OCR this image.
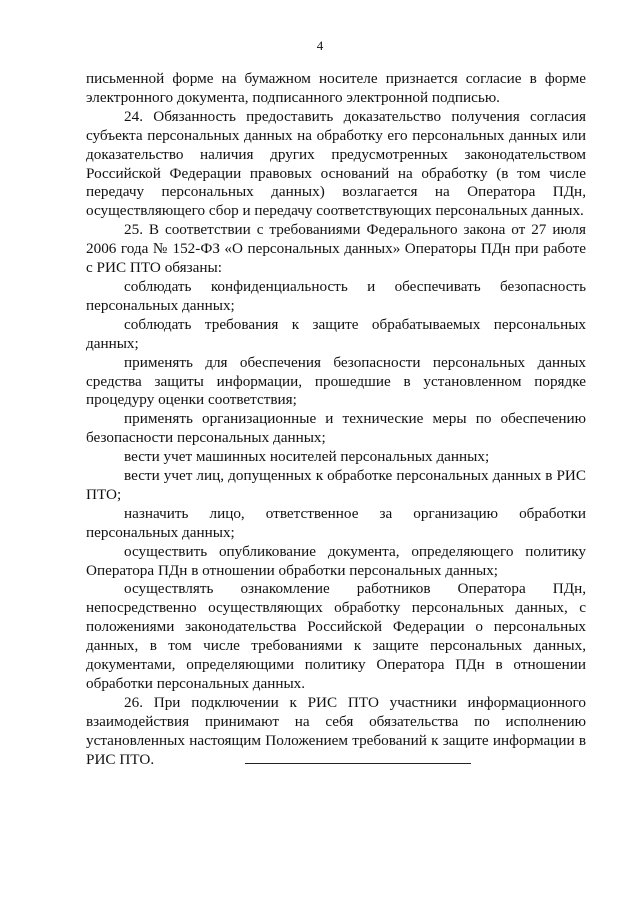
4

письменной форме на бумажном носителе признается согласие в форме электронного документа, подписанного электронной подписью.

24. Обязанность предоставить доказательство получения согласия субъекта персональных данных на обработку его персональных данных или доказательство наличия других предусмотренных законодательством Российской Федерации правовых оснований на обработку (в том числе передачу персональных данных) возлагается на Оператора ПДн, осуществляющего сбор и передачу соответствующих персональных данных.

25. В соответствии с требованиями Федерального закона от 27 июля 2006 года № 152-ФЗ «О персональных данных» Операторы ПДн при работе с РИС ПТО обязаны:

соблюдать конфиденциальность и обеспечивать безопасность персональных данных;

соблюдать требования к защите обрабатываемых персональных данных;

применять для обеспечения безопасности персональных данных средства защиты информации, прошедшие в установленном порядке процедуру оценки соответствия;

применять организационные и технические меры по обеспечению безопасности персональных данных;

вести учет машинных носителей персональных данных;

вести учет лиц, допущенных к обработке персональных данных в РИС ПТО;

назначить лицо, ответственное за организацию обработки персональных данных;

осуществить опубликование документа, определяющего политику Оператора ПДн в отношении обработки персональных данных;

осуществлять ознакомление работников Оператора ПДн, непосредственно осуществляющих обработку персональных данных, с положениями законодательства Российской Федерации о персональных данных, в том числе требованиями к защите персональных данных, документами, определяющими политику Оператора ПДн в отношении обработки персональных данных.

26. При подключении к РИС ПТО участники информационного взаимодействия принимают на себя обязательства по исполнению установленных настоящим Положением требований к защите информации в РИС ПТО.
